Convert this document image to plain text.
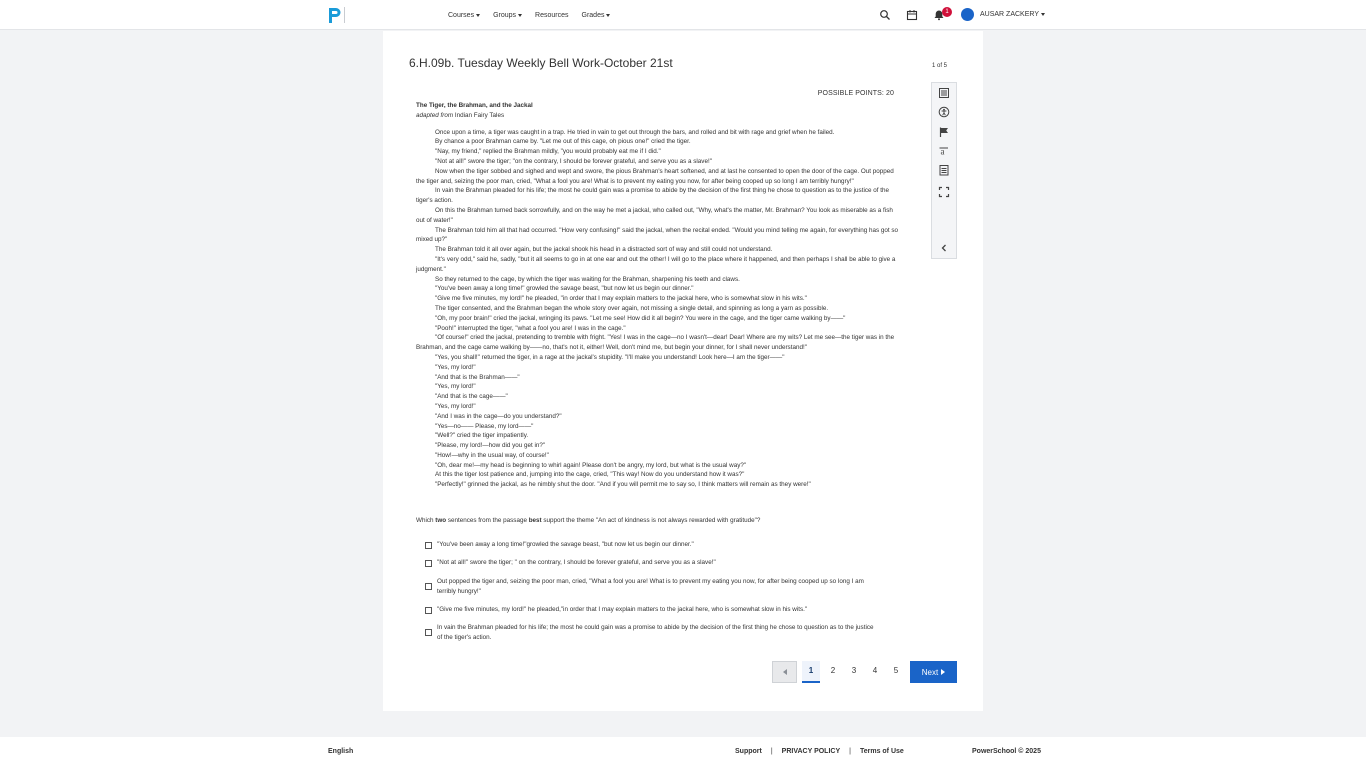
Courses	Groups	Resources Grades	1	AUSAR ZACKERY
6.H.09b. Tuesday Weekly Bell Work-October 21st	1 of 5
POSSIBLE POINTS: 20
a
The Tiger, the Brahman, and the Jackal
adapted from Indian Fairy Tales

Once upon a time, a tiger was caught in a trap. He tried in vain to get out through the bars, and rolled and bit with rage and grief when he failed.

By chance a poor Brahman came by. "Let me out of this cage, oh pious one!" cried the tiger.

"Nay, my friend," replied the Brahman mildly, "you would probably eat me if I did."

"Not at all!" swore the tiger; "on the contrary, I should be forever grateful, and serve you as a slave!"

Now when the tiger sobbed and sighed and wept and swore, the pious Brahman's heart softened, and at last he consented to open the door of the cage. Out popped the tiger and, seizing the poor man, cried, "What a fool you are! What is to prevent my eating you now, for after being cooped up so long I am terribly hungry!"

In vain the Brahman pleaded for his life; the most he could gain was a promise to abide by the decision of the first thing he chose to question as to the justice of the tiger's action.

On this the Brahman turned back sorrowfully, and on the way he met a jackal, who called out, "Why, what's the matter, Mr. Brahman? You look as miserable as a fish out of water!"

The Brahman told him all that had occurred. "How very confusing!" said the jackal, when the recital ended. "Would you mind telling me again, for everything has got so mixed up?"

The Brahman told it all over again, but the jackal shook his head in a distracted sort of way and still could not understand.

"It's very odd," said he, sadly, "but it all seems to go in at one ear and out the other! I will go to the place where it happened, and then perhaps I shall be able to give a judgment."

So they returned to the cage, by which the tiger was waiting for the Brahman, sharpening his teeth and claws.

"You've been away a long time!" growled the savage beast, "but now let us begin our dinner."

"Give me five minutes, my lord!" he pleaded, "in order that I may explain matters to the jackal here, who is somewhat slow in his wits."

The tiger consented, and the Brahman began the whole story over again, not missing a single detail, and spinning as long a yarn as possible.

"Oh, my poor brain!" cried the jackal, wringing its paws. "Let me see! How did it all begin? You were in the cage, and the tiger came walking by——"

"Pooh!" interrupted the tiger, "what a fool you are! I was in the cage."

"Of course!" cried the jackal, pretending to tremble with fright. "Yes! I was in the cage—no I wasn't—dear! Dear! Where are my wits? Let me see—the tiger was in the Brahman, and the cage came walking by——no, that's not it, either! Well, don't mind me, but begin your dinner, for I shall never understand!"

"Yes, you shall!" returned the tiger, in a rage at the jackal's stupidity. "I'll make you understand! Look here—I am the tiger——"

"Yes, my lord!"

"And that is the Brahman——"

"Yes, my lord!"

"And that is the cage——"

"Yes, my lord!"

"And I was in the cage—do you understand?"

"Yes—no—— Please, my lord——"

"Well?" cried the tiger impatiently.

"Please, my lord!—how did you get in?"

"How!—why in the usual way, of course!"

"Oh, dear me!—my head is beginning to whirl again! Please don't be angry, my lord, but what is the usual way?"

At this the tiger lost patience and, jumping into the cage, cried, "This way! Now do you understand how it was?"

"Perfectly!" grinned the jackal, as he nimbly shut the door. "And if you will permit me to say so, I think matters will remain as they were!"

Which two sentences from the passage best support the theme "An act of kindness is not always rewarded with gratitude"?
"You've been away a long time!"growled the savage beast, "but now let us begin our dinner."
"Not at all!" swore the tiger; " on the contrary, I should be forever grateful, and serve you as a slave!"
Out popped the tiger and, seizing the poor man, cried, "What a fool you are! What is to prevent my eating you now, for after being cooped up so long I am terribly hungry!"
"Give me five minutes, my lord!" he pleaded,"in order that I may explain matters to the jackal here, who is somewhat slow in his wits."
In vain the Brahman pleaded for his life; the most he could gain was a promise to abide by the decision of the first thing he chose to question as to the justice of the tiger's action.
1	2	3	4	5	Next
English	Support | PRIVACY POLICY | Terms of Use	PowerSchool © 2025
